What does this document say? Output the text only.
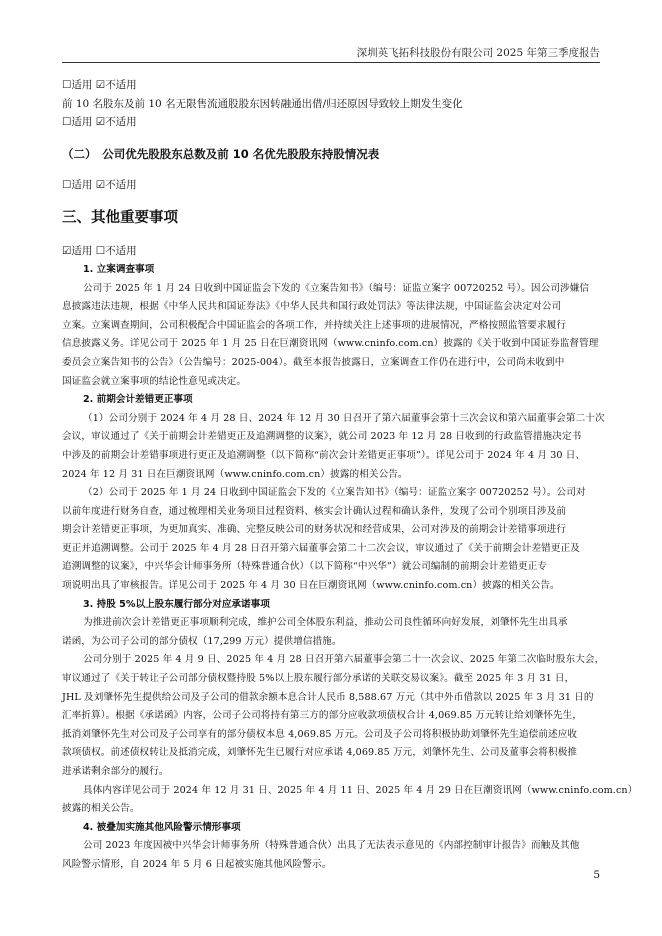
深圳英飞拓科技股份有限公司 2025 年第三季度报告
☐适用 ☑不适用
前 10 名股东及前 10 名无限售流通股股东因转融通出借/归还原因导致较上期发生变化
☐适用 ☑不适用
（二）　公司优先股股东总数及前 10 名优先股股东持股情况表
☐适用 ☑不适用
三、其他重要事项
☑适用 ☐不适用
1. 立案调查事项
公司于 2025 年 1 月 24 日收到中国证监会下发的《立案告知书》（编号：证监立案字 00720252 号）。因公司涉嫌信
息披露违法违规，根据《中华人民共和国证券法》《中华人民共和国行政处罚法》等法律法规，中国证监会决定对公司
立案。立案调查期间，公司积极配合中国证监会的各项工作，并持续关注上述事项的进展情况，严格按照监管要求履行
信息披露义务。详见公司于 2025 年 1 月 25 日在巨潮资讯网（www.cninfo.com.cn）披露的《关于收到中国证券监督管理
委员会立案告知书的公告》（公告编号：2025-004）。截至本报告披露日，立案调查工作仍在进行中，公司尚未收到中
国证监会就立案事项的结论性意见或决定。
2. 前期会计差错更正事项
（1）公司分别于 2024 年 4 月 28 日、2024 年 12 月 30 日召开了第六届董事会第十三次会议和第六届董事会第二十次
会议，审议通过了《关于前期会计差错更正及追溯调整的议案》，就公司 2023 年 12 月 28 日收到的行政监管措施决定书
中涉及的前期会计差错事项进行更正及追溯调整（以下简称“前次会计差错更正事项”）。详见公司于 2024 年 4 月 30 日、
2024 年 12 月 31 日在巨潮资讯网（www.cninfo.com.cn）披露的相关公告。
（2）公司于 2025 年 1 月 24 日收到中国证监会下发的《立案告知书》（编号：证监立案字 00720252 号）。公司对
以前年度进行财务自查，通过梳理相关业务项目过程资料、核实会计确认过程和确认条件，发现了公司个别项目涉及前
期会计差错更正事项，为更加真实、准确、完整反映公司的财务状况和经营成果，公司对涉及的前期会计差错事项进行
更正并追溯调整。公司于 2025 年 4 月 28 日召开第六届董事会第二十二次会议，审议通过了《关于前期会计差错更正及
追溯调整的议案》，中兴华会计师事务所（特殊普通合伙）（以下简称“中兴华”）就公司编制的前期会计差错更正专
项说明出具了审核报告。详见公司于 2025 年 4 月 30 日在巨潮资讯网（www.cninfo.com.cn）披露的相关公告。
3. 持股 5%以上股东履行部分对应承诺事项
为推进前次会计差错更正事项顺利完成，维护公司全体股东利益，推动公司良性循环向好发展，刘肇怀先生出具承
诺函，为公司子公司的部分债权（17,299 万元）提供增信措施。
公司分别于 2025 年 4 月 9 日、2025 年 4 月 28 日召开第六届董事会第二十一次会议、2025 年第二次临时股东大会，
审议通过了《关于转让子公司部分债权暨持股 5%以上股东履行部分承诺的关联交易议案》。截至 2025 年 3 月 31 日，
JHL 及刘肇怀先生提供给公司及子公司的借款余额本息合计人民币 8,588.67 万元（其中外币借款以 2025 年 3 月 31 日的
汇率折算）。根据《承诺函》内容，公司子公司将持有第三方的部分应收款项债权合计 4,069.85 万元转让给刘肇怀先生，
抵消刘肇怀先生对公司及子公司享有的部分债权本息 4,069.85 万元。公司及子公司将积极协助刘肇怀先生追偿前述应收
款项债权。前述债权转让及抵消完成，刘肇怀先生已履行对应承诺 4,069.85 万元，刘肇怀先生、公司及董事会将积极推
进承诺剩余部分的履行。
具体内容详见公司于 2024 年 12 月 31 日、2025 年 4 月 11 日、2025 年 4 月 29 日在巨潮资讯网（www.cninfo.com.cn）
披露的相关公告。
4. 被叠加实施其他风险警示情形事项
公司 2023 年度因被中兴华会计师事务所（特殊普通合伙）出具了无法表示意见的《内部控制审计报告》而触及其他
风险警示情形，自 2024 年 5 月 6 日起被实施其他风险警示。
5
